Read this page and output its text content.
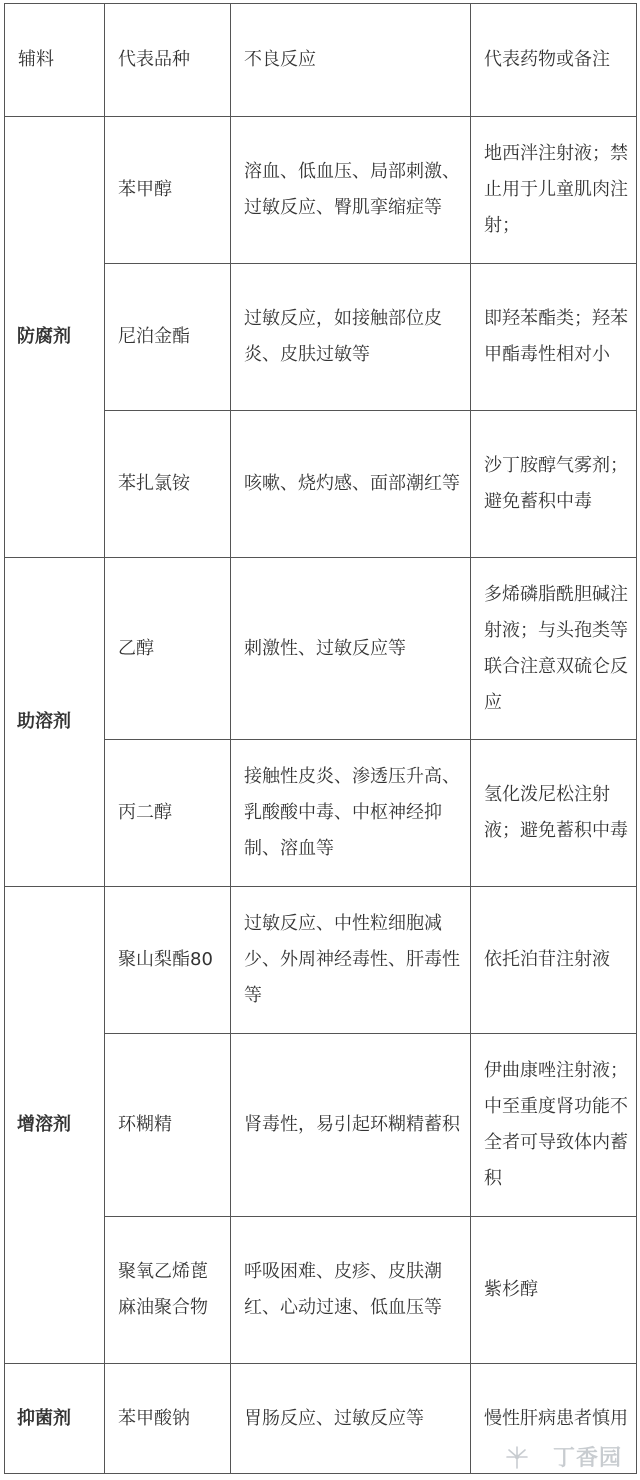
辅料	代表品种	不良反应	代表药物或备注
防腐剂	苯甲醇	溶血、低血压、局部刺激、过敏反应、臀肌挛缩症等	地西泮注射液；禁止用于儿童肌肉注射；
	尼泊金酯	过敏反应，如接触部位皮炎、皮肤过敏等	即羟苯酯类；羟苯甲酯毒性相对小
	苯扎氯铵	咳嗽、烧灼感、面部潮红等	沙丁胺醇气雾剂；避免蓄积中毒
助溶剂	乙醇	刺激性、过敏反应等	多烯磷脂酰胆碱注射液；与头孢类等联合注意双硫仑反应
	丙二醇	接触性皮炎、渗透压升高、乳酸酸中毒、中枢神经抑制、溶血等	氢化泼尼松注射液；避免蓄积中毒
增溶剂	聚山梨酯80	过敏反应、中性粒细胞减少、外周神经毒性、肝毒性等	依托泊苷注射液
	环糊精	肾毒性，易引起环糊精蓄积	伊曲康唑注射液；中至重度肾功能不全者可导致体内蓄积
	聚氧乙烯蓖麻油聚合物	呼吸困难、皮疹、皮肤潮红、心动过速、低血压等	紫杉醇
抑菌剂	苯甲酸钠	胃肠反应、过敏反应等	慢性肝病患者慎用
丁香园
